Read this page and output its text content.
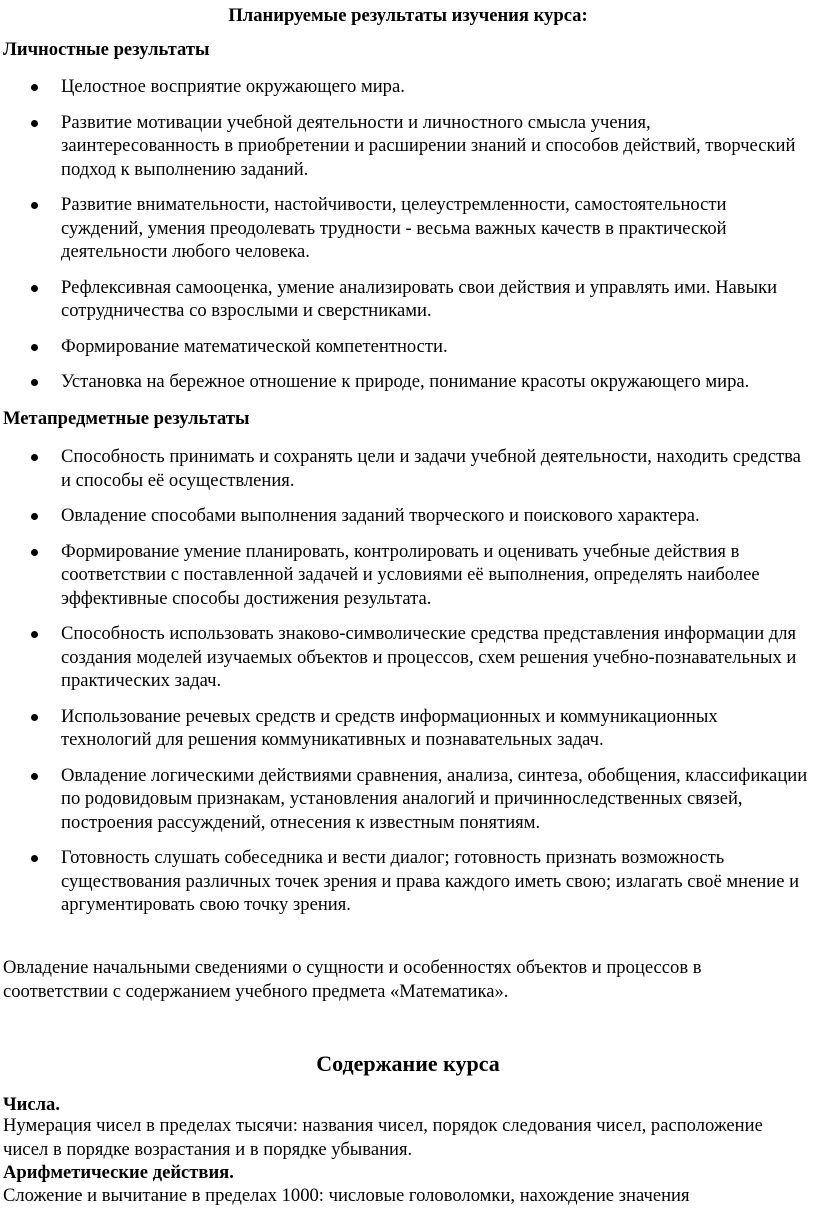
Планируемые результаты изучения курса:

Личностные результаты

Целостное восприятие окружающего мира.
Развитие мотивации учебной деятельности и личностного смысла учения, заинтересованность в приобретении и расширении знаний и способов действий, творческий подход к выполнению заданий.
Развитие внимательности, настойчивости, целеустремленности, самостоятельности суждений, умения преодолевать трудности - весьма важных качеств в практической деятельности любого человека.
Рефлексивная самооценка, умение анализировать свои действия и управлять ими. Навыки сотрудничества со взрослыми и сверстниками.
Формирование математической компетентности.
Установка на бережное отношение к природе, понимание красоты окружающего мира.

Метапредметные результаты

Способность принимать и сохранять цели и задачи учебной деятельности, находить средства и способы её осуществления.
Овладение способами выполнения заданий творческого и поискового характера.
Формирование умение планировать, контролировать и оценивать учебные действия в соответствии с поставленной задачей и условиями её выполнения, определять наиболее эффективные способы достижения результата.
Способность использовать знаково-символические средства представления информации для создания моделей изучаемых объектов и процессов, схем решения учебно-познавательных и практических задач.
Использование речевых средств и средств информационных и коммуникационных технологий для решения коммуникативных и познавательных задач.
Овладение логическими действиями сравнения, анализа, синтеза, обобщения, классификации по родовидовым признакам, установления аналогий и причинноследственных связей, построения рассуждений, отнесения к известным понятиям.
Готовность слушать собеседника и вести диалог; готовность признать возможность существования различных точек зрения и права каждого иметь свою; излагать своё мнение и аргументировать свою точку зрения.

Овладение начальными сведениями о сущности и особенностях объектов и процессов в соответствии с содержанием учебного предмета «Математика».

Содержание курса

Числа.

Нумерация чисел в пределах тысячи: названия чисел, порядок следования чисел, расположение чисел в порядке возрастания и в порядке убывания.

Арифметические действия.

Сложение и вычитание в пределах 1000: числовые головоломки, нахождение значения
